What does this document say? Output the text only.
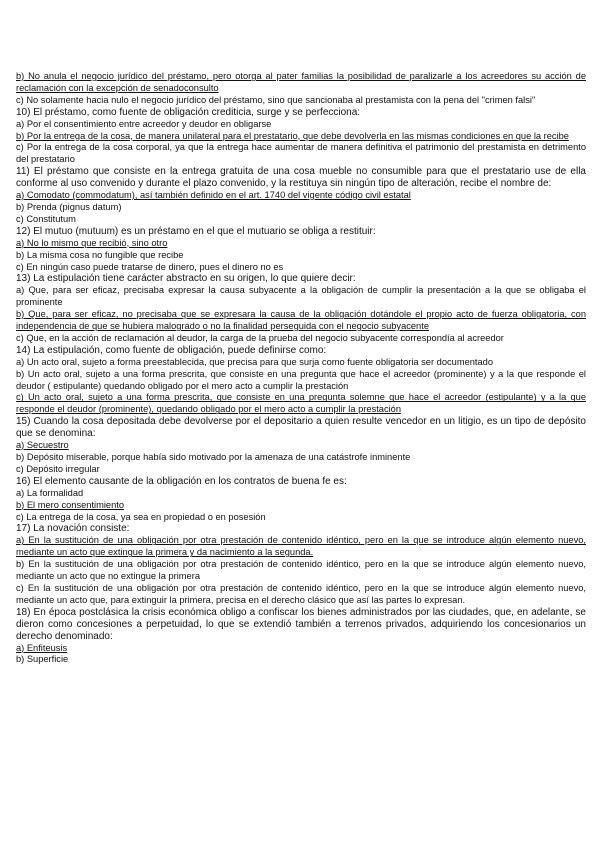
b) No anula el negocio jurídico del préstamo, pero otorga al pater familias la posibilidad de paralizarle a los acreedores su acción de reclamación con la excepción de senadoconsulto

c) No solamente hacia nulo el negocio jurídico del préstamo, sino que sancionaba al prestamista con la pena del "crimen falsi"

10) El préstamo, como fuente de obligación crediticia, surge y se perfecciona:

a) Por el consentimiento entre acreedor y deudor en obligarse

b) Por la entrega de la cosa, de manera unilateral para el prestatario, que debe devolverla en las mismas condiciones en que la recibe

c) Por la entrega de la cosa corporal, ya que la entrega hace aumentar de manera definitiva el patrimonio del prestamista en detrimento del prestatario

11) El préstamo que consiste en la entrega gratuita de una cosa mueble no consumible para que el prestatario use de ella conforme al uso convenido y durante el plazo convenido, y la restituya sin ningún tipo de alteración, recibe el nombre de:

a) Comodato (commodatum), así también definido en el art. 1740 del vigente código civil estatal

b) Prenda (pignus datum)

c) Constitutum

12) El mutuo (mutuum) es un préstamo en el que el mutuario se obliga a restituir:

a) No lo mismo que recibió, sino otro

b) La misma cosa no fungible que recibe

c) En ningún caso puede tratarse de dinero, pues el dinero no es

13) La estipulación tiene carácter abstracto en su origen, lo que quiere decir:

a) Que, para ser eficaz, precisaba expresar la causa subyacente a la obligación de cumplir la presentación a la que se obligaba el prominente

b) Que, para ser eficaz, no precisaba que se expresara la causa de la obligación dotándole el propio acto de fuerza obligatoria, con independencia de que se hubiera malogrado o no la finalidad perseguida con el negocio subyacente

c) Que, en la acción de reclamación al deudor, la carga de la prueba del negocio subyacente correspondía al acreedor

14) La estipulación, como fuente de obligación, puede definirse como:

a) Un acto oral, sujeto a forma preestablecida, que precisa para que surja como fuente obligatoria ser documentado

b) Un acto oral, sujeto a una forma prescrita, que consiste en una pregunta que hace el acreedor (prominente) y a la que responde el deudor ( estipulante) quedando obligado por el mero acto a cumplir la prestación

c) Un acto oral, sujeto a una forma prescrita, que consiste en una pregunta solemne que hace el acreedor (estipulante) y a la que responde el deudor (prominente), quedando obligado por el mero acto a cumplir la prestación

15) Cuando la cosa depositada debe devolverse por el depositario a quien resulte vencedor en un litigio, es un tipo de depósito que se denomina:

a) Secuestro

b) Depósito miserable, porque había sido motivado por la amenaza de una catástrofe inminente

c) Depósito irregular

16) El elemento causante de la obligación en los contratos de buena fe es:

a) La formalidad

b) El mero consentimiento

c) La entrega de la cosa, ya sea en propiedad o en posesión

17) La novación consiste:

a) En la sustitución de una obligación por otra prestación de contenido idéntico, pero en la que se introduce algún elemento nuevo, mediante un acto que extingue la primera y da nacimiento a la segunda.

b) En la sustitución de una obligación por otra prestación de contenido idéntico, pero en la que se introduce algún elemento nuevo, mediante un acto que no extingue la primera

c) En la sustitución de una obligación por otra prestación de contenido idéntico, pero en la que se introduce algún elemento nuevo, mediante un acto que, para extinguir la primera, precisa en el derecho clásico que así las partes lo expresan.

18) En época postclásica la crisis económica obligo a confiscar los bienes administrados por las ciudades, que, en adelante, se dieron como concesiones a perpetuidad, lo que se extendió también a terrenos privados, adquiriendo los concesionarios un derecho denominado:

a) Enfiteusis

b) Superficie
